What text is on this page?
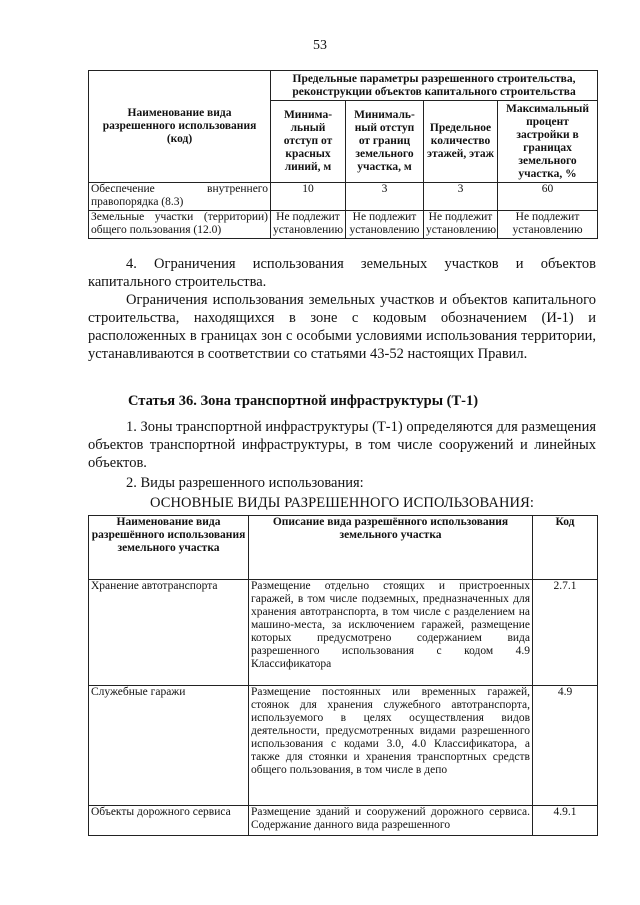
53
Наименование вида разрешенного использования (код)	Предельные параметры разрешенного строительства, реконструкции объектов капитального строительства			
	Минима-льный отступ от красных линий, м	Минималь-ный отступ от границ земельного участка, м	Предельное количество этажей, этаж	Максимальный процент застройки в границах земельного участка, %
Обеспечение внутреннего правопорядка (8.3)	10	3	3	60
Земельные участки (территории) общего пользования (12.0)	Не подлежит установлению	Не подлежит установлению	Не подлежит установлению	Не подлежит установлению
4. Ограничения использования земельных участков и объектов капитального строительства.
Ограничения использования земельных участков и объектов капитального строительства, находящихся в зоне с кодовым обозначением (И-1) и расположенных в границах зон с особыми условиями использования территории, устанавливаются в соответствии со статьями 43-52 настоящих Правил.
Статья 36. Зона транспортной инфраструктуры (Т-1)
1. Зоны транспортной инфраструктуры (Т-1) определяются для размещения объектов транспортной инфраструктуры, в том числе сооружений и линейных объектов.
2. Виды разрешенного использования:
ОСНОВНЫЕ ВИДЫ РАЗРЕШЕННОГО ИСПОЛЬЗОВАНИЯ:
Наименование вида разрешённого использования земельного участка	Описание вида разрешённого использования земельного участка	Код
Хранение автотранспорта	Размещение отдельно стоящих и пристроенных гаражей, в том числе подземных, предназначенных для хранения автотранспорта, в том числе с разделением на машино-места, за исключением гаражей, размещение которых предусмотрено содержанием вида разрешенного использования с кодом 4.9 Классификатора	2.7.1
Служебные гаражи	Размещение постоянных или временных гаражей, стоянок для хранения служебного автотранспорта, используемого в целях осуществления видов деятельности, предусмотренных видами разрешенного использования с кодами 3.0, 4.0 Классификатора, а также для стоянки и хранения транспортных средств общего пользования, в том числе в депо	4.9
Объекты дорожного сервиса	Размещение зданий и сооружений дорожного сервиса. Содержание данного вида разрешенного	4.9.1
